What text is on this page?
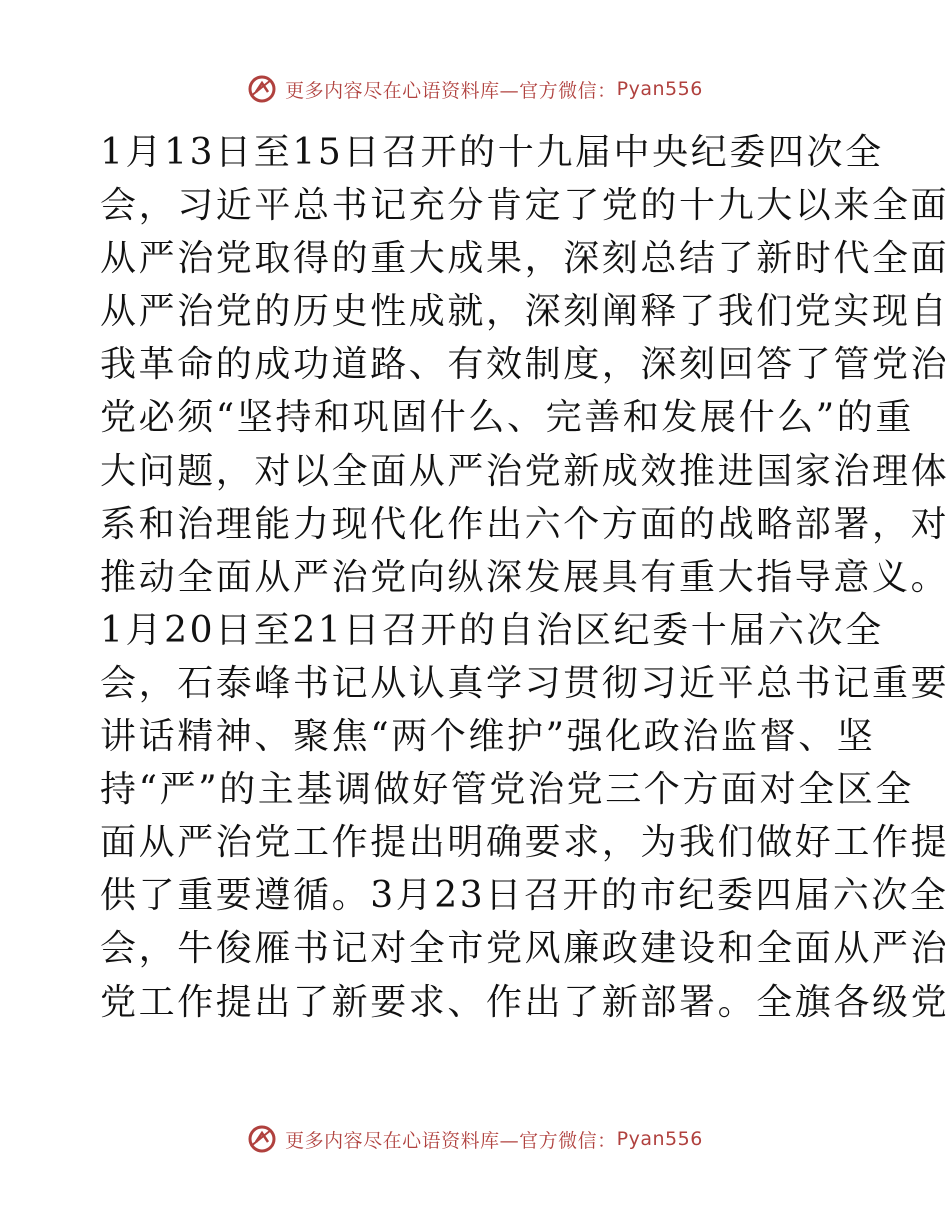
更多内容尽在心语资料库—官方微信： Pyan556
1月13日至15日召开的十九届中央纪委四次全
会，习近平总书记充分肯定了党的十九大以来全面
从严治党取得的重大成果，深刻总结了新时代全面
从严治党的历史性成就，深刻阐释了我们党实现自
我革命的成功道路、有效制度，深刻回答了管党治
党必须“坚持和巩固什么、完善和发展什么”的重
大问题，对以全面从严治党新成效推进国家治理体
系和治理能力现代化作出六个方面的战略部署，对
推动全面从严治党向纵深发展具有重大指导意义。
1月20日至21日召开的自治区纪委十届六次全
会，石泰峰书记从认真学习贯彻习近平总书记重要
讲话精神、聚焦“两个维护”强化政治监督、坚
持“严”的主基调做好管党治党三个方面对全区全
面从严治党工作提出明确要求，为我们做好工作提
供了重要遵循。3月23日召开的市纪委四届六次全
会，牛俊雁书记对全市党风廉政建设和全面从严治
党工作提出了新要求、作出了新部署。全旗各级党
更多内容尽在心语资料库—官方微信： Pyan556
